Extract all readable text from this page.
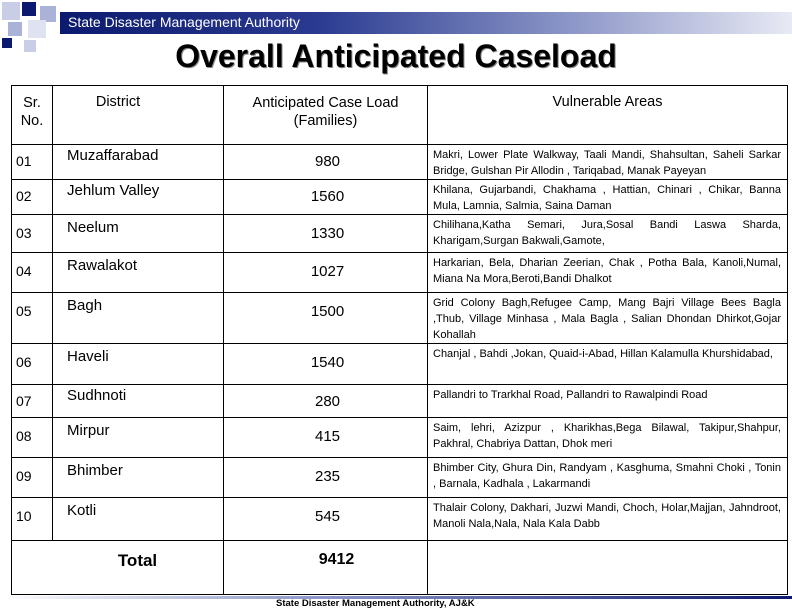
State Disaster Management Authority
Overall Anticipated Caseload
Sr. No.	District	Anticipated Case Load (Families)	Vulnerable Areas
01	Muzaffarabad	980	Makri, Lower Plate Walkway, Taali Mandi, Shahsultan, Saheli Sarkar Bridge, Gulshan Pir Allodin , Tariqabad, Manak Payeyan
02	Jehlum Valley	1560	Khilana, Gujarbandi, Chakhama , Hattian, Chinari , Chikar, Banna Mula, Lamnia, Salmia, Saina Daman
03	Neelum	1330	Chilihana,Katha Semari, Jura,Sosal Bandi Laswa Sharda, Kharigam,Surgan Bakwali,Gamote,
04	Rawalakot	1027	Harkarian, Bela, Dharian Zeerian, Chak , Potha Bala, Kanoli,Numal, Miana Na Mora,Beroti,Bandi Dhalkot
05	Bagh	1500	Grid Colony Bagh,Refugee Camp, Mang Bajri Village Bees Bagla ,Thub, Village Minhasa , Mala Bagla , Salian Dhondan Dhirkot,Gojar Kohallah
06	Haveli	1540	Chanjal , Bahdi ,Jokan, Quaid-i-Abad, Hillan Kalamulla Khurshidabad,
07	Sudhnoti	280	Pallandri to Trarkhal Road, Pallandri to Rawalpindi Road
08	Mirpur	415	Saim, lehri, Azizpur , Kharikhas,Bega Bilawal, Takipur,Shahpur, Pakhral, Chabriya Dattan, Dhok meri
09	Bhimber	235	Bhimber City, Ghura Din, Randyam , Kasghuma, Smahni Choki , Tonin , Barnala, Kadhala , Lakarmandi
10	Kotli	545	Thalair Colony, Dakhari, Juzwi Mandi, Choch, Holar,Majjan, Jahndroot, Manoli Nala,Nala, Nala Kala Dabb
Total		9412	
State Disaster Management Authority, AJ&K
